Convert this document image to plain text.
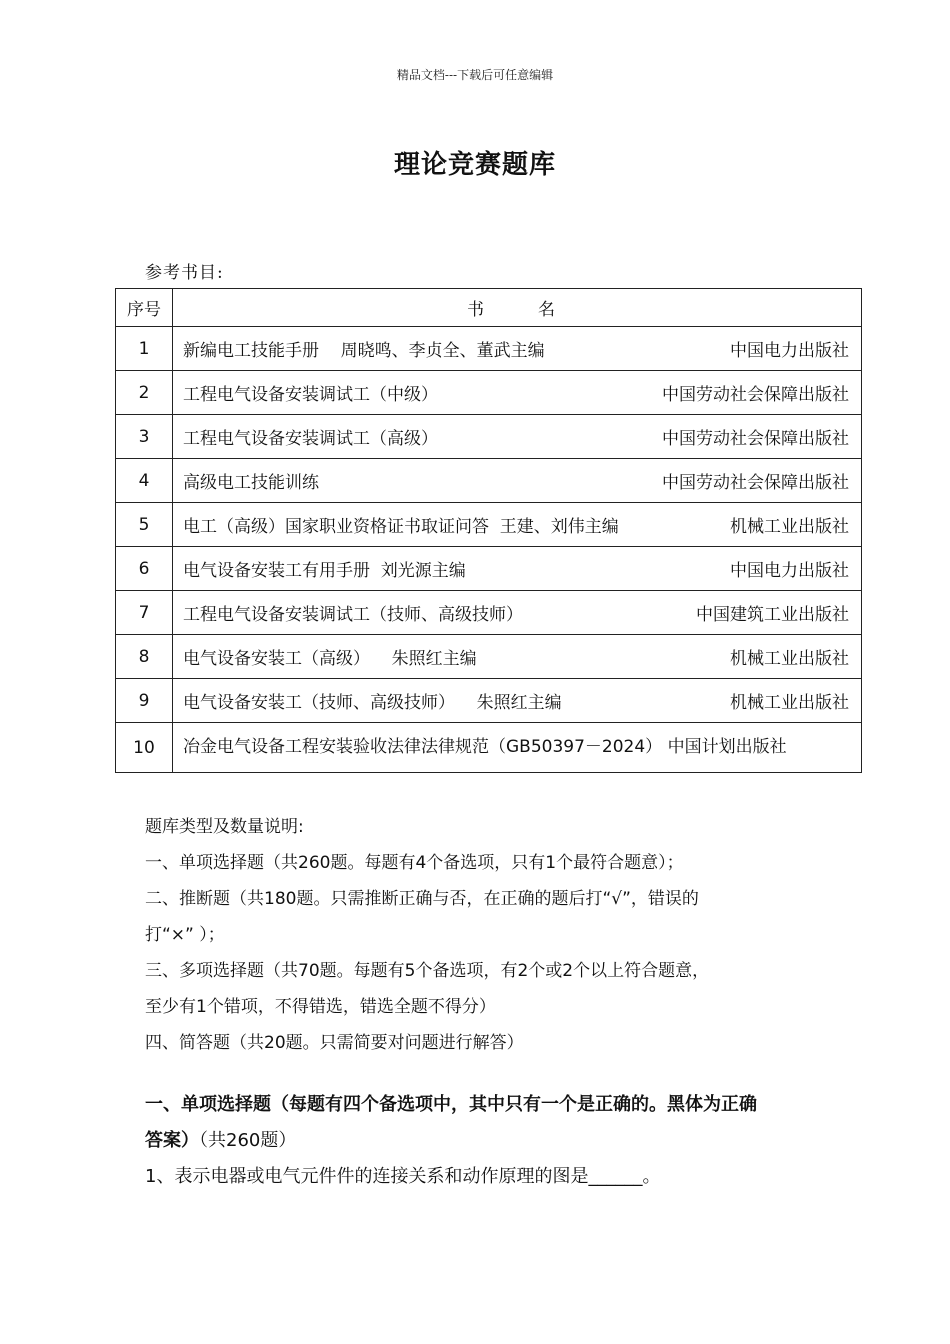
精品文档---下载后可任意编辑
理论竞赛题库
参考书目:
序号	书          名
1	新编电工技能手册    周晓鸣、李贞全、董武主编 中国电力出版社

2	工程电气设备安装调试工（中级） 中国劳动社会保障出版社

3	工程电气设备安装调试工（高级） 中国劳动社会保障出版社

4	高级电工技能训练 中国劳动社会保障出版社

5	电工（高级）国家职业资格证书取证问答  王建、刘伟主编 机械工业出版社

6	电气设备安装工有用手册  刘光源主编 中国电力出版社

7	工程电气设备安装调试工（技师、高级技师） 中国建筑工业出版社

8	电气设备安装工（高级）    朱照红主编 机械工业出版社

9	电气设备安装工（技师、高级技师）    朱照红主编 机械工业出版社

10	冶金电气设备工程安装验收法律法律规范（GB50397－2024） 中国计划出版社

题库类型及数量说明:

一、单项选择题（共260题。每题有4个备选项，只有1个最符合题意）；

二、推断题（共180题。只需推断正确与否，在正确的题后打“√”，错误的

打“×” ）；

三、多项选择题（共70题。每题有5个备选项，有2个或2个以上符合题意，

至少有1个错项，不得错选，错选全题不得分）

四、简答题（共20题。只需简要对问题进行解答）

一、单项选择题（每题有四个备选项中，其中只有一个是正确的。黑体为正确

答案）（共260题）

1、表示电器或电气元件件的连接关系和动作原理的图是______。
